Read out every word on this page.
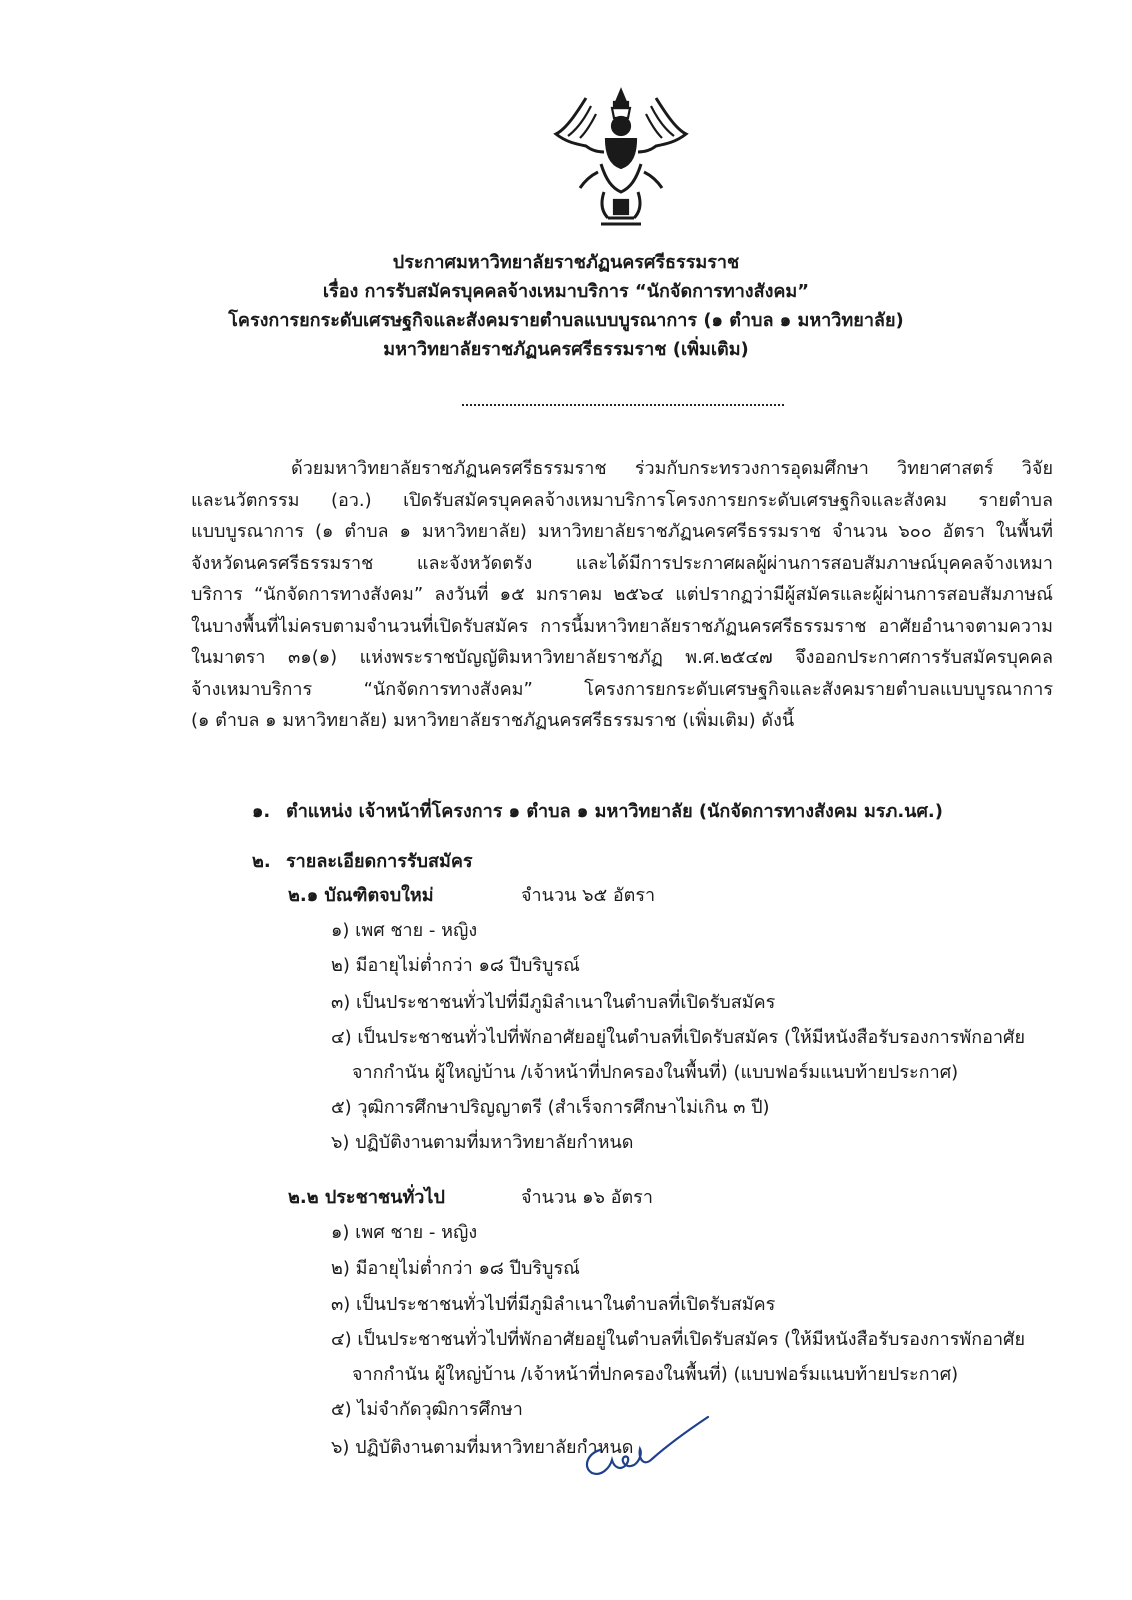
ประกาศมหาวิทยาลัยราชภัฏนครศรีธรรมราช
เรื่อง การรับสมัครบุคคลจ้างเหมาบริการ “นักจัดการทางสังคม”
โครงการยกระดับเศรษฐกิจและสังคมรายตำบลแบบบูรณาการ (๑ ตำบล ๑ มหาวิทยาลัย)
มหาวิทยาลัยราชภัฏนครศรีธรรมราช (เพิ่มเติม)
ด้วยมหาวิทยาลัยราชภัฏนครศรีธรรมราช ร่วมกับกระทรวงการอุดมศึกษา วิทยาศาสตร์ วิจัย
และนวัตกรรม (อว.) เปิดรับสมัครบุคคลจ้างเหมาบริการโครงการยกระดับเศรษฐกิจและสังคม รายตำบล
แบบบูรณาการ (๑ ตำบล ๑ มหาวิทยาลัย) มหาวิทยาลัยราชภัฏนครศรีธรรมราช จำนวน ๖๐๐ อัตรา ในพื้นที่
จังหวัดนครศรีธรรมราช และจังหวัดตรัง และได้มีการประกาศผลผู้ผ่านการสอบสัมภาษณ์บุคคลจ้างเหมา
บริการ “นักจัดการทางสังคม” ลงวันที่ ๑๕ มกราคม ๒๕๖๔ แต่ปรากฏว่ามีผู้สมัครและผู้ผ่านการสอบสัมภาษณ์
ในบางพื้นที่ไม่ครบตามจำนวนที่เปิดรับสมัคร การนี้มหาวิทยาลัยราชภัฏนครศรีธรรมราช อาศัยอำนาจตามความ
ในมาตรา ๓๑(๑) แห่งพระราชบัญญัติมหาวิทยาลัยราชภัฏ พ.ศ.๒๕๔๗ จึงออกประกาศการรับสมัครบุคคล
จ้างเหมาบริการ “นักจัดการทางสังคม” โครงการยกระดับเศรษฐกิจและสังคมรายตำบลแบบบูรณาการ
(๑ ตำบล ๑ มหาวิทยาลัย) มหาวิทยาลัยราชภัฏนครศรีธรรมราช (เพิ่มเติม) ดังนี้
๑. ตำแหน่ง เจ้าหน้าที่โครงการ ๑ ตำบล ๑ มหาวิทยาลัย (นักจัดการทางสังคม มรภ.นศ.)
๒. รายละเอียดการรับสมัคร
๒.๑ บัณฑิตจบใหม่	จำนวน ๖๕ อัตรา
๑) เพศ ชาย - หญิง
๒) มีอายุไม่ต่ำกว่า ๑๘ ปีบริบูรณ์
๓) เป็นประชาชนทั่วไปที่มีภูมิลำเนาในตำบลที่เปิดรับสมัคร
๔) เป็นประชาชนทั่วไปที่พักอาศัยอยู่ในตำบลที่เปิดรับสมัคร (ให้มีหนังสือรับรองการพักอาศัย
จากกำนัน ผู้ใหญ่บ้าน /เจ้าหน้าที่ปกครองในพื้นที่) (แบบฟอร์มแนบท้ายประกาศ)
๕) วุฒิการศึกษาปริญญาตรี (สำเร็จการศึกษาไม่เกิน ๓ ปี)
๖) ปฏิบัติงานตามที่มหาวิทยาลัยกำหนด
๒.๒ ประชาชนทั่วไป	จำนวน ๑๖ อัตรา
๑) เพศ ชาย - หญิง
๒) มีอายุไม่ต่ำกว่า ๑๘ ปีบริบูรณ์
๓) เป็นประชาชนทั่วไปที่มีภูมิลำเนาในตำบลที่เปิดรับสมัคร
๔) เป็นประชาชนทั่วไปที่พักอาศัยอยู่ในตำบลที่เปิดรับสมัคร (ให้มีหนังสือรับรองการพักอาศัย
จากกำนัน ผู้ใหญ่บ้าน /เจ้าหน้าที่ปกครองในพื้นที่) (แบบฟอร์มแนบท้ายประกาศ)
๕) ไม่จำกัดวุฒิการศึกษา
๖) ปฏิบัติงานตามที่มหาวิทยาลัยกำหนด
